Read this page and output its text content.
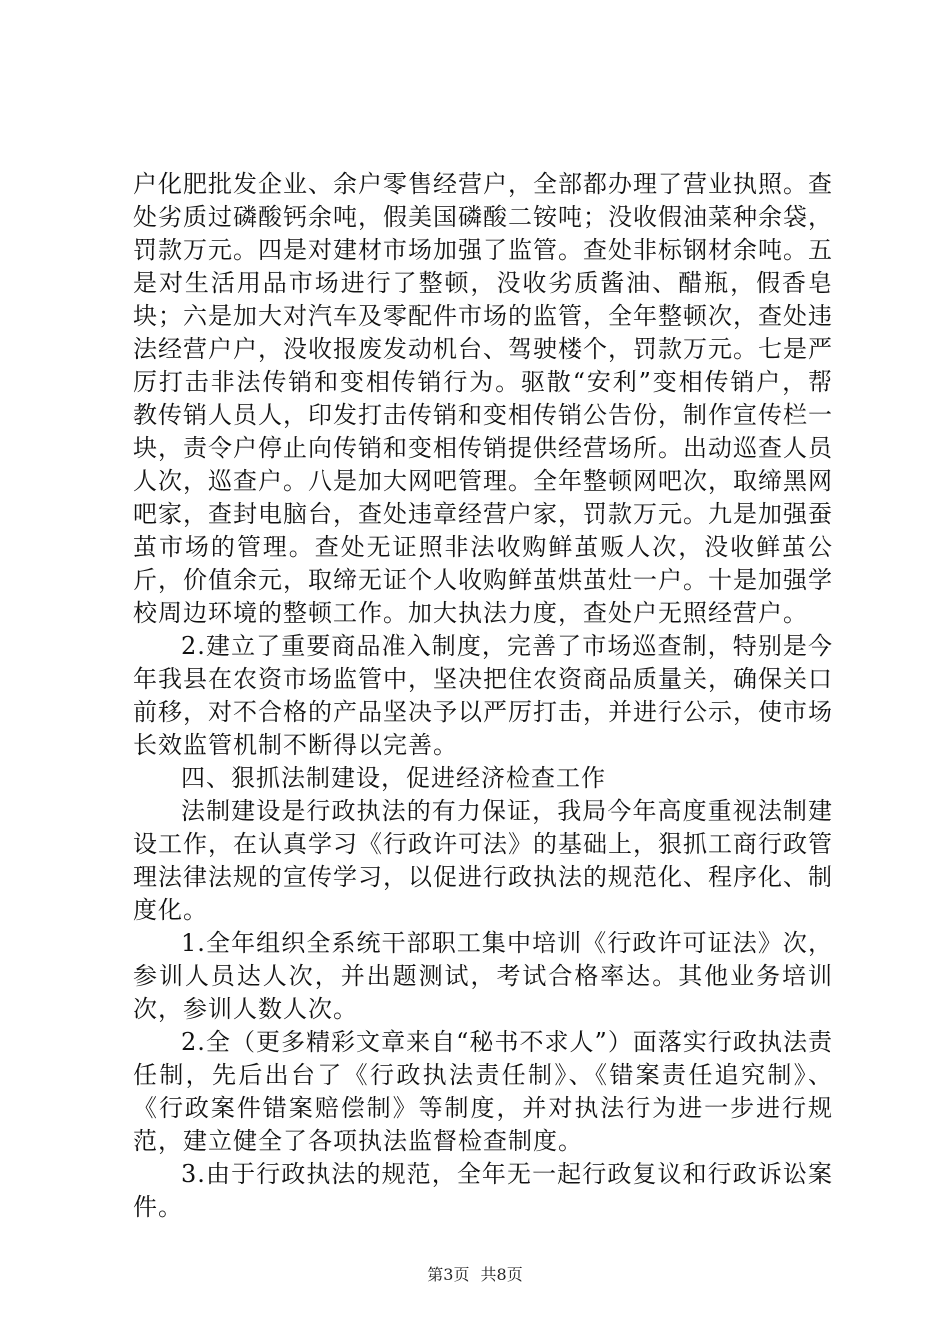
户化肥批发企业、余户零售经营户，全部都办理了营业执照。查处劣质过磷酸钙余吨，假美国磷酸二铵吨；没收假油菜种余袋，罚款万元。四是对建材市场加强了监管。查处非标钢材余吨。五是对生活用品市场进行了整顿，没收劣质酱油、醋瓶，假香皂块；六是加大对汽车及零配件市场的监管，全年整顿次，查处违法经营户户，没收报废发动机台、驾驶楼个，罚款万元。七是严厉打击非法传销和变相传销行为。驱散“安利”变相传销户，帮教传销人员人，印发打击传销和变相传销公告份，制作宣传栏一块，责令户停止向传销和变相传销提供经营场所。出动巡查人员人次，巡查户。八是加大网吧管理。全年整顿网吧次，取缔黑网吧家，查封电脑台，查处违章经营户家，罚款万元。九是加强蚕茧市场的管理。查处无证照非法收购鲜茧贩人次，没收鲜茧公斤，价值余元，取缔无证个人收购鲜茧烘茧灶一户。十是加强学校周边环境的整顿工作。加大执法力度，查处户无照经营户。

2.建立了重要商品准入制度，完善了市场巡查制，特别是今年我县在农资市场监管中，坚决把住农资商品质量关，确保关口前移，对不合格的产品坚决予以严厉打击，并进行公示，使市场长效监管机制不断得以完善。

四、狠抓法制建设，促进经济检查工作

法制建设是行政执法的有力保证，我局今年高度重视法制建设工作，在认真学习《行政许可法》的基础上，狠抓工商行政管理法律法规的宣传学习，以促进行政执法的规范化、程序化、制度化。

1.全年组织全系统干部职工集中培训《行政许可证法》次，参训人员达人次，并出题测试，考试合格率达。其他业务培训次，参训人数人次。

2.全（更多精彩文章来自“秘书不求人”）面落实行政执法责任制，先后出台了《行政执法责任制》、《错案责任追究制》、《行政案件错案赔偿制》等制度，并对执法行为进一步进行规范，建立健全了各项执法监督检查制度。

3.由于行政执法的规范，全年无一起行政复议和行政诉讼案件。

第3页 共8页
